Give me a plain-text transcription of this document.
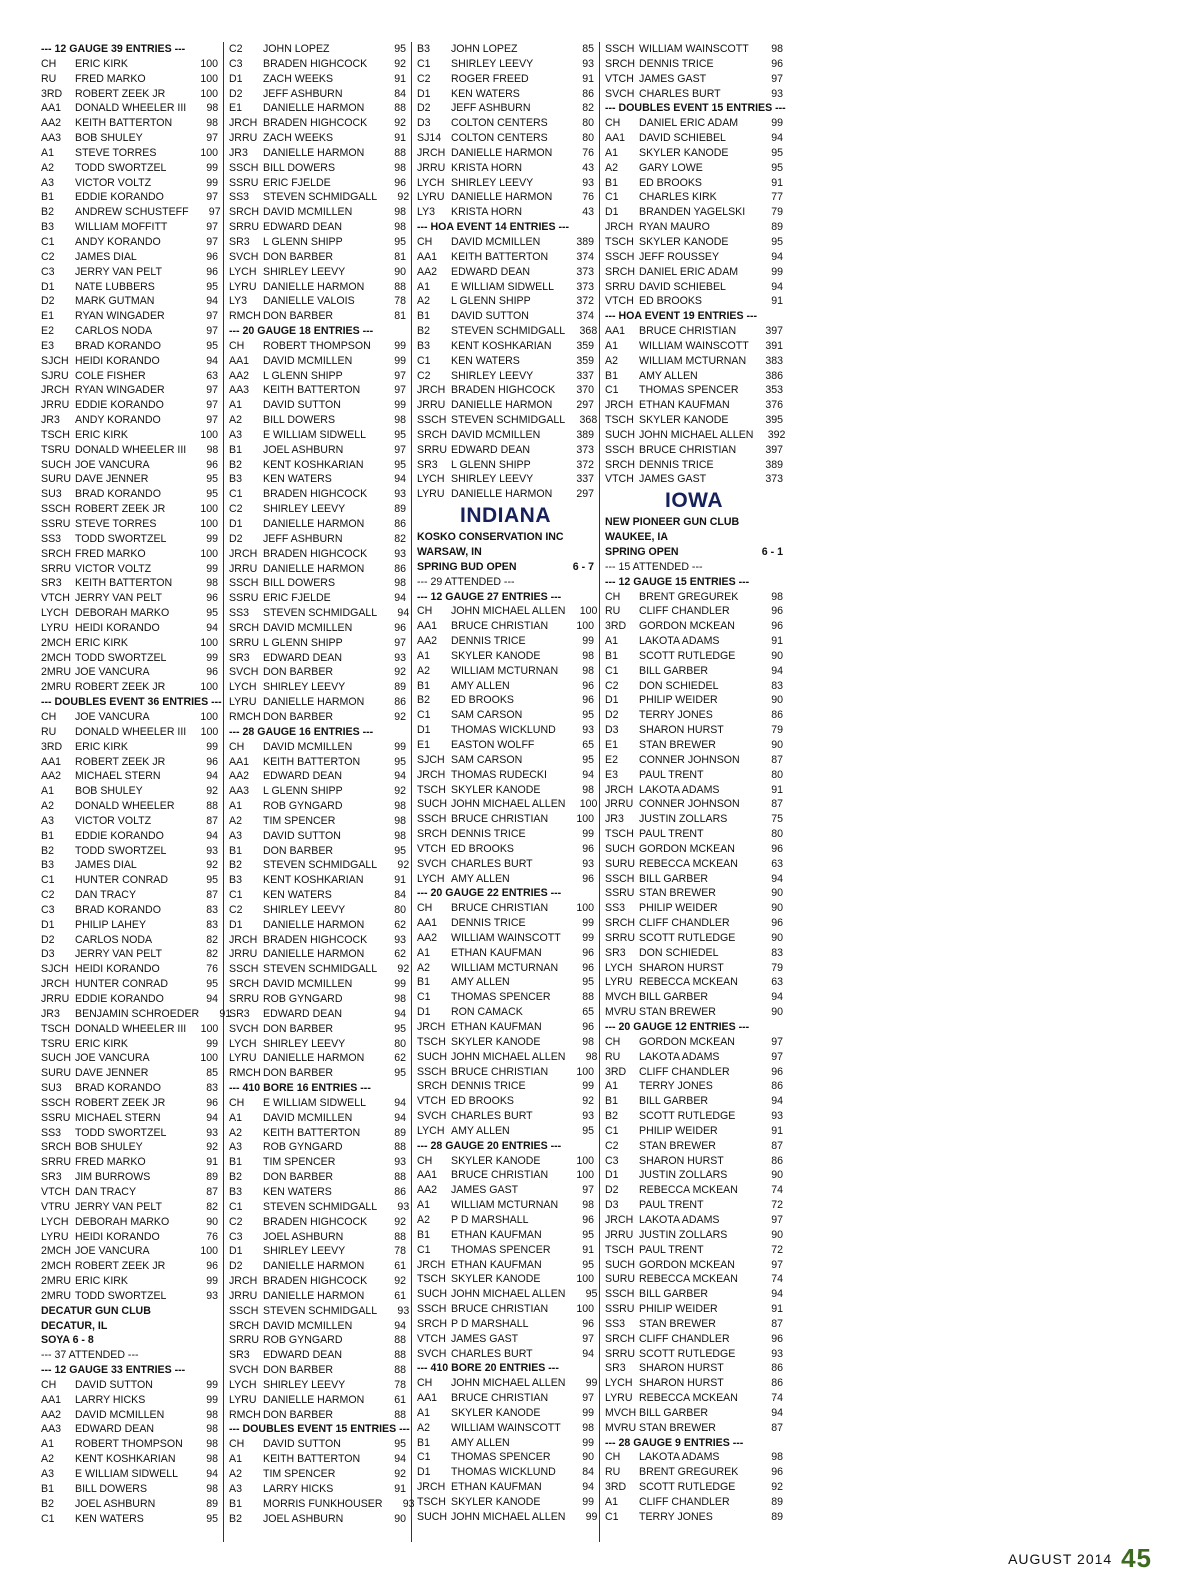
--- 12 GAUGE 39 ENTRIES ---
CH	ERIC KIRK	100
RU	FRED MARKO	100
3RD	ROBERT ZEEK JR	100
AA1	DONALD WHEELER III	98
AA2	KEITH BATTERTON	98
AA3	BOB SHULEY	97
A1	STEVE TORRES	100
A2	TODD SWORTZEL	99
A3	VICTOR VOLTZ	99
B1	EDDIE KORANDO	97
B2	ANDREW SCHUSTEFF	97
B3	WILLIAM MOFFITT	97
C1	ANDY KORANDO	97
C2	JAMES DIAL	96
C3	JERRY VAN PELT	96
D1	NATE LUBBERS	95
D2	MARK GUTMAN	94
E1	RYAN WINGADER	97
E2	CARLOS NODA	97
E3	BRAD KORANDO	95
SJCH HEIDI KORANDO	94
SJRU COLE FISHER	63
JRCH RYAN WINGADER	97
JRRU EDDIE KORANDO	97
JR3	ANDY KORANDO	97
TSCH ERIC KIRK	100
TSRU DONALD WHEELER III	98
SUCH JOE VANCURA	96
SURU DAVE JENNER	95
SU3	BRAD KORANDO	95
SSCH ROBERT ZEEK JR	100
SSRU STEVE TORRES	100
SS3	TODD SWORTZEL	99
SRCH FRED MARKO	100
SRRU VICTOR VOLTZ	99
SR3	KEITH BATTERTON	98
VTCH JERRY VAN PELT	96
LYCH DEBORAH MARKO	95
LYRU HEIDI KORANDO	94
2MCH ERIC KIRK	100
2MCH TODD SWORTZEL	99
2MRU JOE VANCURA	96
2MRU ROBERT ZEEK JR	100
--- DOUBLES EVENT 36 ENTRIES ---
CH	JOE VANCURA	100
RU	DONALD WHEELER III	100
3RD	ERIC KIRK	99
AA1	ROBERT ZEEK JR	96
AA2	MICHAEL STERN	94
A1	BOB SHULEY	92
A2	DONALD WHEELER	88
A3	VICTOR VOLTZ	87
B1	EDDIE KORANDO	94
B2	TODD SWORTZEL	93
B3	JAMES DIAL	92
C1	HUNTER CONRAD	95
C2	DAN TRACY	87
C3	BRAD KORANDO	83
D1	PHILIP LAHEY	83
D2	CARLOS NODA	82
D3	JERRY VAN PELT	82
SJCH HEIDI KORANDO	76
JRCH HUNTER CONRAD	95
JRRU EDDIE KORANDO	94
JR3	BENJAMIN SCHROEDER	91
TSCH DONALD WHEELER III	100
TSRU ERIC KIRK	99
SUCH JOE VANCURA	100
SURU DAVE JENNER	85
SU3	BRAD KORANDO	83
SSCH ROBERT ZEEK JR	96
SSRU MICHAEL STERN	94
SS3	TODD SWORTZEL	93
SRCH BOB SHULEY	92
SRRU FRED MARKO	91
SR3	JIM BURROWS	89
VTCH DAN TRACY	87
VTRU JERRY VAN PELT	82
LYCH DEBORAH MARKO	90
LYRU HEIDI KORANDO	76
2MCH JOE VANCURA	100
2MCH ROBERT ZEEK JR	96
2MRU ERIC KIRK	99
2MRU TODD SWORTZEL	93
DECATUR GUN CLUB
DECATUR, IL
SOYA 6 - 8
--- 37 ATTENDED ---
--- 12 GAUGE 33 ENTRIES ---
CH	DAVID SUTTON	99
AA1	LARRY HICKS	99
AA2	DAVID MCMILLEN	98
AA3	EDWARD DEAN	98
A1	ROBERT THOMPSON	98
A2	KENT KOSHKARIAN	98
A3	E WILLIAM SIDWELL	94
B1	BILL DOWERS	98
B2	JOEL ASHBURN	89
C1	KEN WATERS	95
C2	JOHN LOPEZ	95
C3	BRADEN HIGHCOCK	92
D1	ZACH WEEKS	91
D2	JEFF ASHBURN	84
E1	DANIELLE HARMON	88
JRCH BRADEN HIGHCOCK	92
JRRU ZACH WEEKS	91
JR3	DANIELLE HARMON	88
SSCH BILL DOWERS	98
SSRU ERIC FJELDE	96
SS3	STEVEN SCHMIDGALL	92
SRCH DAVID MCMILLEN	98
SRRU EDWARD DEAN	98
SR3	L GLENN SHIPP	95
SVCH DON BARBER	81
LYCH SHIRLEY LEEVY	90
LYRU DANIELLE HARMON	88
LY3	DANIELLE VALOIS	78
RMCH DON BARBER	81
--- 20 GAUGE 18 ENTRIES ---
CH	ROBERT THOMPSON	99
AA1	DAVID MCMILLEN	99
AA2	L GLENN SHIPP	97
AA3	KEITH BATTERTON	97
A1	DAVID SUTTON	99
A2	BILL DOWERS	98
A3	E WILLIAM SIDWELL	95
B1	JOEL ASHBURN	97
B2	KENT KOSHKARIAN	95
B3	KEN WATERS	94
C1	BRADEN HIGHCOCK	93
C2	SHIRLEY LEEVY	89
D1	DANIELLE HARMON	86
D2	JEFF ASHBURN	82
JRCH BRADEN HIGHCOCK	93
JRRU DANIELLE HARMON	86
SSCH BILL DOWERS	98
SSRU ERIC FJELDE	94
SS3	STEVEN SCHMIDGALL	94
SRCH DAVID MCMILLEN	96
SRRU L GLENN SHIPP	97
SR3	EDWARD DEAN	93
SVCH DON BARBER	92
LYCH SHIRLEY LEEVY	89
LYRU DANIELLE HARMON	86
RMCH DON BARBER	92
--- 28 GAUGE 16 ENTRIES ---
CH	DAVID MCMILLEN	99
AA1	KEITH BATTERTON	95
AA2	EDWARD DEAN	94
AA3	L GLENN SHIPP	92
A1	ROB GYNGARD	98
A2	TIM SPENCER	98
A3	DAVID SUTTON	98
B1	DON BARBER	95
B2	STEVEN SCHMIDGALL	92
B3	KENT KOSHKARIAN	91
C1	KEN WATERS	84
C2	SHIRLEY LEEVY	80
D1	DANIELLE HARMON	62
JRCH BRADEN HIGHCOCK	93
JRRU DANIELLE HARMON	62
SSCH STEVEN SCHMIDGALL	92
SRCH DAVID MCMILLEN	99
SRRU ROB GYNGARD	98
SR3	EDWARD DEAN	94
SVCH DON BARBER	95
LYCH SHIRLEY LEEVY	80
LYRU DANIELLE HARMON	62
RMCH DON BARBER	95
--- 410 BORE 16 ENTRIES ---
CH	E WILLIAM SIDWELL	94
A1	DAVID MCMILLEN	94
A2	KEITH BATTERTON	89
A3	ROB GYNGARD	88
B1	TIM SPENCER	93
B2	DON BARBER	88
B3	KEN WATERS	86
C1	STEVEN SCHMIDGALL	93
C2	BRADEN HIGHCOCK	92
C3	JOEL ASHBURN	88
D1	SHIRLEY LEEVY	78
D2	DANIELLE HARMON	61
JRCH BRADEN HIGHCOCK	92
JRRU DANIELLE HARMON	61
SSCH STEVEN SCHMIDGALL	93
SRCH DAVID MCMILLEN	94
SRRU ROB GYNGARD	88
SR3	EDWARD DEAN	88
SVCH DON BARBER	88
LYCH SHIRLEY LEEVY	78
LYRU DANIELLE HARMON	61
RMCH DON BARBER	88
--- DOUBLES EVENT 15 ENTRIES ---
CH	DAVID SUTTON	95
A1	KEITH BATTERTON	94
A2	TIM SPENCER	92
A3	LARRY HICKS	91
B1	MORRIS FUNKHOUSER	93
B2	JOEL ASHBURN	90
B3	JOHN LOPEZ	85
C1	SHIRLEY LEEVY	93
C2	ROGER FREED	91
D1	KEN WATERS	86
D2	JEFF ASHBURN	82
D3	COLTON CENTERS	80
SJ14 COLTON CENTERS	80
JRCH DANIELLE HARMON	76
JRRU KRISTA HORN	43
LYCH SHIRLEY LEEVY	93
LYRU DANIELLE HARMON	76
LY3	KRISTA HORN	43
--- HOA EVENT 14 ENTRIES ---
CH	DAVID MCMILLEN	389
AA1	KEITH BATTERTON	374
AA2	EDWARD DEAN	373
A1	E WILLIAM SIDWELL	373
A2	L GLENN SHIPP	372
B1	DAVID SUTTON	374
B2	STEVEN SCHMIDGALL	368
B3	KENT KOSHKARIAN	359
C1	KEN WATERS	359
C2	SHIRLEY LEEVY	337
JRCH BRADEN HIGHCOCK	370
JRRU DANIELLE HARMON	297
SSCH STEVEN SCHMIDGALL	368
SRCH DAVID MCMILLEN	389
SRRU EDWARD DEAN	373
SR3	L GLENN SHIPP	372
LYCH SHIRLEY LEEVY	337
LYRU DANIELLE HARMON	297
INDIANA
KOSKO CONSERVATION INC
WARSAW, IN
SPRING BUD OPEN	6 - 7
--- 29 ATTENDED ---
--- 12 GAUGE 27 ENTRIES ---
CH	JOHN MICHAEL ALLEN	100
AA1	BRUCE CHRISTIAN	100
AA2	DENNIS TRICE	99
A1	SKYLER KANODE	98
A2	WILLIAM MCTURNAN	98
B1	AMY ALLEN	96
B2	ED BROOKS	96
C1	SAM CARSON	95
D1	THOMAS WICKLUND	93
E1	EASTON WOLFF	65
SJCH SAM CARSON	95
JRCH THOMAS RUDECKI	94
TSCH SKYLER KANODE	98
SUCH JOHN MICHAEL ALLEN	100
SSCH BRUCE CHRISTIAN	100
SRCH DENNIS TRICE	99
VTCH ED BROOKS	96
SVCH CHARLES BURT	93
LYCH AMY ALLEN	96
--- 20 GAUGE 22 ENTRIES ---
CH	BRUCE CHRISTIAN	100
AA1	DENNIS TRICE	99
AA2	WILLIAM WAINSCOTT	99
A1	ETHAN KAUFMAN	96
A2	WILLIAM MCTURNAN	96
B1	AMY ALLEN	95
C1	THOMAS SPENCER	88
D1	RON CAMACK	65
JRCH ETHAN KAUFMAN	96
TSCH SKYLER KANODE	98
SUCH JOHN MICHAEL ALLEN	98
SSCH BRUCE CHRISTIAN	100
SRCH DENNIS TRICE	99
VTCH ED BROOKS	92
SVCH CHARLES BURT	93
LYCH AMY ALLEN	95
--- 28 GAUGE 20 ENTRIES ---
CH	SKYLER KANODE	100
AA1	BRUCE CHRISTIAN	100
AA2	JAMES GAST	97
A1	WILLIAM MCTURNAN	98
A2	P D MARSHALL	96
B1	ETHAN KAUFMAN	95
C1	THOMAS SPENCER	91
JRCH ETHAN KAUFMAN	95
TSCH SKYLER KANODE	100
SUCH JOHN MICHAEL ALLEN	95
SSCH BRUCE CHRISTIAN	100
SRCH P D MARSHALL	96
VTCH JAMES GAST	97
SVCH CHARLES BURT	94
--- 410 BORE 20 ENTRIES ---
CH	JOHN MICHAEL ALLEN	99
AA1	BRUCE CHRISTIAN	97
A1	SKYLER KANODE	99
A2	WILLIAM WAINSCOTT	98
B1	AMY ALLEN	99
C1	THOMAS SPENCER	90
D1	THOMAS WICKLUND	84
JRCH ETHAN KAUFMAN	94
TSCH SKYLER KANODE	99
SUCH JOHN MICHAEL ALLEN	99
SSCH WILLIAM WAINSCOTT	98
SRCH DENNIS TRICE	96
VTCH JAMES GAST	97
SVCH CHARLES BURT	93
--- DOUBLES EVENT 15 ENTRIES ---
CH	DANIEL ERIC ADAM	99
AA1	DAVID SCHIEBEL	94
A1	SKYLER KANODE	95
A2	GARY LOWE	95
B1	ED BROOKS	91
C1	CHARLES KIRK	77
D1	BRANDEN YAGELSKI	79
JRCH RYAN MAURO	89
TSCH SKYLER KANODE	95
SSCH JEFF ROUSSEY	94
SRCH DANIEL ERIC ADAM	99
SRRU DAVID SCHIEBEL	94
VTCH ED BROOKS	91
--- HOA EVENT 19 ENTRIES ---
AA1	BRUCE CHRISTIAN	397
A1	WILLIAM WAINSCOTT	391
A2	WILLIAM MCTURNAN	383
B1	AMY ALLEN	386
C1	THOMAS SPENCER	353
JRCH ETHAN KAUFMAN	376
TSCH SKYLER KANODE	395
SUCH JOHN MICHAEL ALLEN	392
SSCH BRUCE CHRISTIAN	397
SRCH DENNIS TRICE	389
VTCH JAMES GAST	373
IOWA
NEW PIONEER GUN CLUB
WAUKEE, IA
SPRING OPEN	6 - 1
--- 15 ATTENDED ---
--- 12 GAUGE 15 ENTRIES ---
CH	BRENT GREGUREK	98
RU	CLIFF CHANDLER	96
3RD	GORDON MCKEAN	96
A1	LAKOTA ADAMS	91
B1	SCOTT RUTLEDGE	90
C1	BILL GARBER	94
C2	DON SCHIEDEL	83
D1	PHILIP WEIDER	90
D2	TERRY JONES	86
D3	SHARON HURST	79
E1	STAN BREWER	90
E2	CONNER JOHNSON	87
E3	PAUL TRENT	80
JRCH LAKOTA ADAMS	91
JRRU CONNER JOHNSON	87
JR3	JUSTIN ZOLLARS	75
TSCH PAUL TRENT	80
SUCH GORDON MCKEAN	96
SURU REBECCA MCKEAN	63
SSCH BILL GARBER	94
SSRU STAN BREWER	90
SS3	PHILIP WEIDER	90
SRCH CLIFF CHANDLER	96
SRRU SCOTT RUTLEDGE	90
SR3	DON SCHIEDEL	83
LYCH SHARON HURST	79
LYRU REBECCA MCKEAN	63
MVCH BILL GARBER	94
MVRU STAN BREWER	90
--- 20 GAUGE 12 ENTRIES ---
CH	GORDON MCKEAN	97
RU	LAKOTA ADAMS	97
3RD	CLIFF CHANDLER	96
A1	TERRY JONES	86
B1	BILL GARBER	94
B2	SCOTT RUTLEDGE	93
C1	PHILIP WEIDER	91
C2	STAN BREWER	87
C3	SHARON HURST	86
D1	JUSTIN ZOLLARS	90
D2	REBECCA MCKEAN	74
D3	PAUL TRENT	72
JRCH LAKOTA ADAMS	97
JRRU JUSTIN ZOLLARS	90
TSCH PAUL TRENT	72
SUCH GORDON MCKEAN	97
SURU REBECCA MCKEAN	74
SSCH BILL GARBER	94
SSRU PHILIP WEIDER	91
SS3	STAN BREWER	87
SRCH CLIFF CHANDLER	96
SRRU SCOTT RUTLEDGE	93
SR3	SHARON HURST	86
LYCH SHARON HURST	86
LYRU REBECCA MCKEAN	74
MVCH BILL GARBER	94
MVRU STAN BREWER	87
--- 28 GAUGE 9 ENTRIES ---
CH	LAKOTA ADAMS	98
RU	BRENT GREGUREK	96
3RD	SCOTT RUTLEDGE	92
A1	CLIFF CHANDLER	89
C1	TERRY JONES	89
AUGUST 2014 45
